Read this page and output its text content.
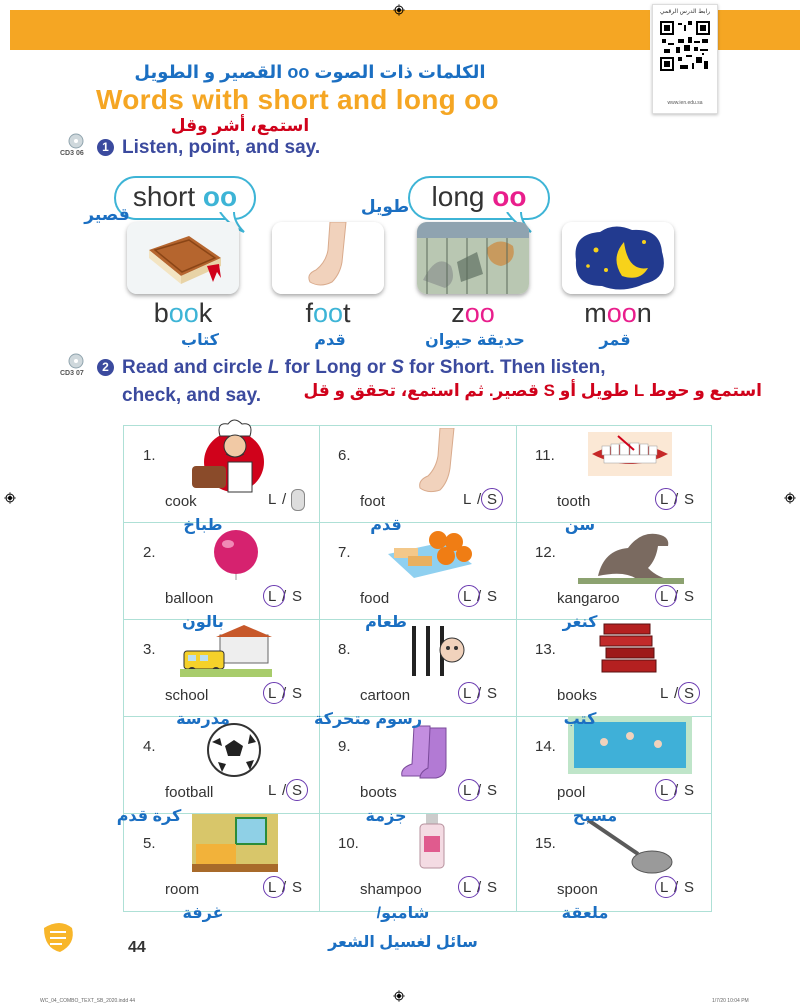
رابط الدرس الرقمي
www.ien.edu.sa
الكلمات ذات الصوت oo القصير و الطويل
Words with short and long oo
استمع، أشر وقل
CD3 06	1 Listen, point, and say.
short oo
قصير
long oo
طويل
book	foot	zoo	moon
كتاب	قدم	حديقة حيوان	قمر
CD3 07	2 Read and circle L for Long or S for Short. Then listen,
check, and say. استمع و حوط L طويل أو S قصير. ثم استمع، تحقق و قل
1.
cook	L /
طباخ
2.
balloon	L / S
بالون
3.
school	L / S
مدرسة
4.
football	L / S
كرة قدم
5.
room	L / S
غرفة
6.
foot	L / S
قدم
7.
food	L / S
طعام
8.
cartoon	L / S
رسوم متحركة
9.
boots	L / S
جزمة
10.
shampoo	L / S
شامبو/
11.
tooth	L / S
سن
12.
kangaroo	L / S
كنغر
13.
books	L / S
كتب
14.
pool	L / S
مسبح
15.
spoon	L / S
ملعقة
سائل لغسيل الشعر
44
WC_04_COMBO_TEXT_SB_2020.indd 44	1/7/20 10:04 PM
